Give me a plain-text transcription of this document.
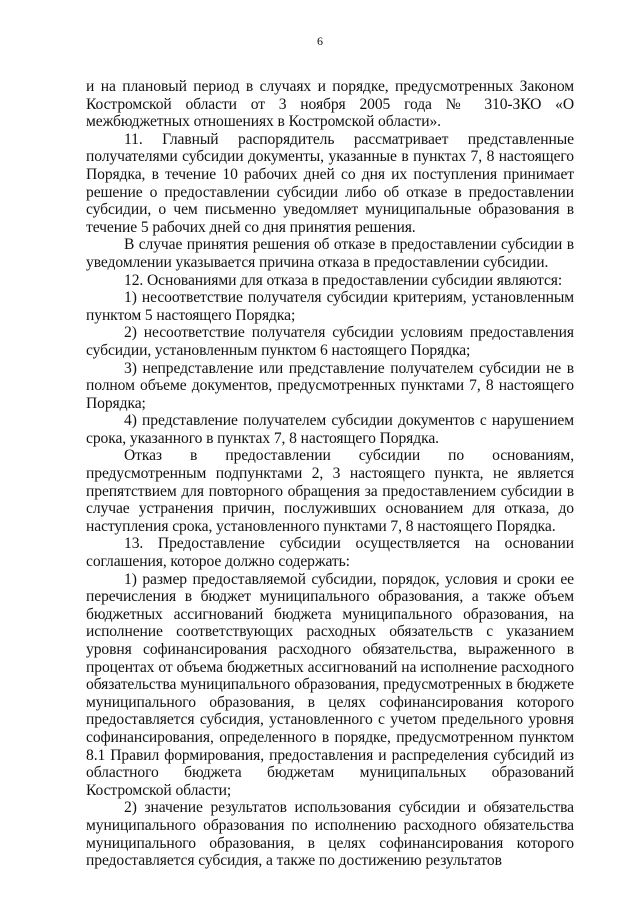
6

и на плановый период в случаях и порядке, предусмотренных Законом Костромской области от 3 ноября 2005 года № 310-ЗКО «О межбюджетных отношениях в Костромской области».

11. Главный распорядитель рассматривает представленные получателями субсидии документы, указанные в пунктах 7, 8 настоящего Порядка, в течение 10 рабочих дней со дня их поступления принимает решение о предоставлении субсидии либо об отказе в предоставлении субсидии, о чем письменно уведомляет муниципальные образования в течение 5 рабочих дней со дня принятия решения.

В случае принятия решения об отказе в предоставлении субсидии в уведомлении указывается причина отказа в предоставлении субсидии.

12. Основаниями для отказа в предоставлении субсидии являются:

1) несоответствие получателя субсидии критериям, установленным пунктом 5 настоящего Порядка;

2) несоответствие получателя субсидии условиям предоставления субсидии, установленным пунктом 6 настоящего Порядка;

3) непредставление или представление получателем субсидии не в полном объеме документов, предусмотренных пунктами 7, 8 настоящего Порядка;

4) представление получателем субсидии документов с нарушением срока, указанного в пунктах 7, 8 настоящего Порядка.

Отказ в предоставлении субсидии по основаниям, предусмотренным подпунктами 2, 3 настоящего пункта, не является препятствием для повторного обращения за предоставлением субсидии в случае устранения причин, послуживших основанием для отказа, до наступления срока, установленного пунктами 7, 8 настоящего Порядка.

13. Предоставление субсидии осуществляется на основании соглашения, которое должно содержать:

1) размер предоставляемой субсидии, порядок, условия и сроки ее перечисления в бюджет муниципального образования, а также объем бюджетных ассигнований бюджета муниципального образования, на исполнение соответствующих расходных обязательств с указанием уровня софинансирования расходного обязательства, выраженного в процентах от объема бюджетных ассигнований на исполнение расходного обязательства муниципального образования, предусмотренных в бюджете муниципального образования, в целях софинансирования которого предоставляется субсидия, установленного с учетом предельного уровня софинансирования, определенного в порядке, предусмотренном пунктом 8.1 Правил формирования, предоставления и распределения субсидий из областного бюджета бюджетам муниципальных образований Костромской области;

2) значение результатов использования субсидии и обязательства муниципального образования по исполнению расходного обязательства муниципального образования, в целях софинансирования которого предоставляется субсидия, а также по достижению результатов
